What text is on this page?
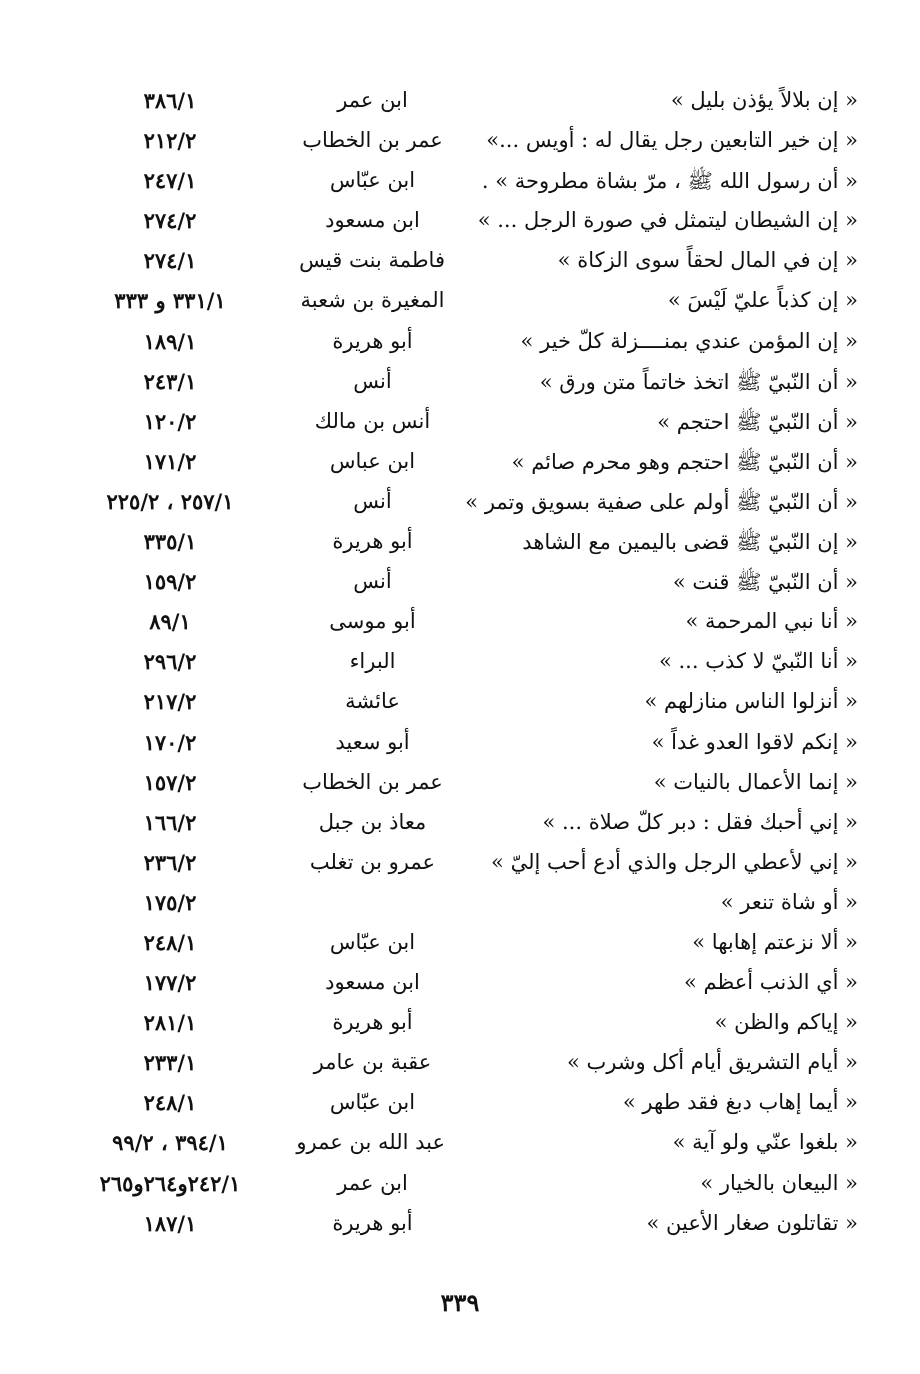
« إن بلالاً يؤذن بليل »
ابن عمر
٣٨٦/١
« إن خير التابعين رجل يقال له : أويس ...»
عمر بن الخطاب
٢١٢/٢
« أن رسول الله ﷺ ، مرّ بشاة مطروحة » .
ابن عبّاس
٢٤٧/١
« إن الشيطان ليتمثل في صورة الرجل ... »
ابن مسعود
٢٧٤/٢
« إن في المال لحقاً سوى الزكاة »
فاطمة بنت قيس
٢٧٤/١
« إن كذباً عليّ لَيْسَ »
المغيرة بن شعبة
٣٣١/١ و ٣٣٣
« إن المؤمن عندي بمنــــزلة كلّ خير »
أبو هريرة
١٨٩/١
« أن النّبيّ ﷺ اتخذ خاتماً متن ورق »
أنس
٢٤٣/١
« أن النّبيّ ﷺ احتجم »
أنس بن مالك
١٢٠/٢
« أن النّبيّ ﷺ احتجم وهو محرم صائم »
ابن عباس
١٧١/٢
« أن النّبيّ ﷺ أولم على صفية بسويق وتمر »
أنس
٢٥٧/١ ، ٢٢٥/٢
« إن النّبيّ ﷺ قضى باليمين مع الشاهد
أبو هريرة
٣٣٥/١
« أن النّبيّ ﷺ قنت »
أنس
١٥٩/٢
« أنا نبي المرحمة »
أبو موسى
٨٩/١
« أنا النّبيّ لا كذب ... »
البراء
٢٩٦/٢
« أنزلوا الناس منازلهم »
عائشة
٢١٧/٢
« إنكم لاقوا العدو غداً »
أبو سعيد
١٧٠/٢
« إنما الأعمال بالنيات »
عمر بن الخطاب
١٥٧/٢
« إني أحبك فقل : دبر كلّ صلاة ... »
معاذ بن جبل
١٦٦/٢
« إني لأعطي الرجل والذي أدع أحب إليّ »
عمرو بن تغلب
٢٣٦/٢
« أو شاة تنعر »
١٧٥/٢
« ألا نزعتم إهابها »
ابن عبّاس
٢٤٨/١
« أي الذنب أعظم »
ابن مسعود
١٧٧/٢
« إياكم والظن »
أبو هريرة
٢٨١/١
« أيام التشريق أيام أكل وشرب »
عقبة بن عامر
٢٣٣/١
« أيما إهاب دبغ فقد طهر »
ابن عبّاس
٢٤٨/١
« بلغوا عنّي ولو آية »
عبد الله بن عمرو
٣٩٤/١ ، ٩٩/٢
« البيعان بالخيار »
ابن عمر
٢٤٢/١و٢٦٤و٢٦٥
« تقاتلون صغار الأعين »
أبو هريرة
١٨٧/١
٣٣٩
